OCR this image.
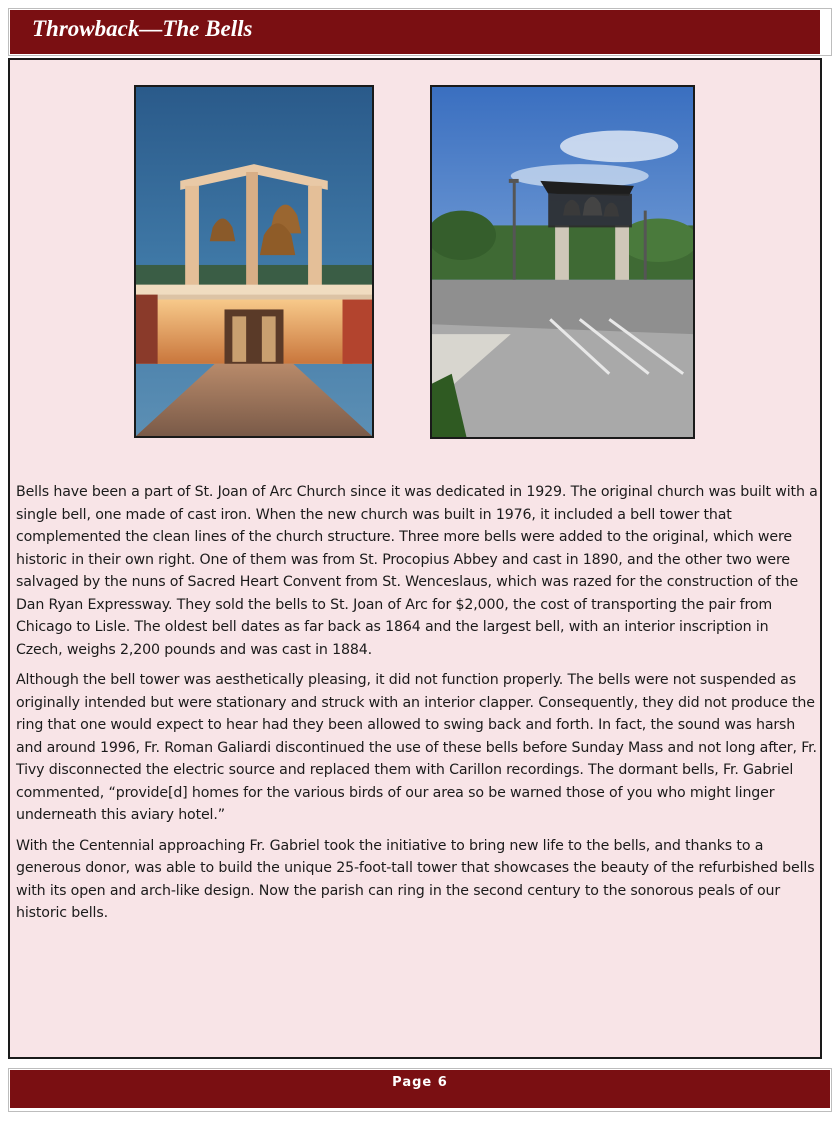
Throwback—The Bells

Bells have been a part of St. Joan of Arc Church since it was dedicated in 1929. The original church was built with a single bell, one made of cast iron. When the new church was built in 1976, it included a bell tower that complemented the clean lines of the church structure. Three more bells were added to the original, which were historic in their own right. One of them was from St. Procopius Abbey and cast in 1890, and the other two were salvaged by the nuns of Sacred Heart Convent from St. Wenceslaus, which was razed for the construction of the Dan Ryan Expressway. They sold the bells to St. Joan of Arc for $2,000, the cost of transporting the pair from Chicago to Lisle. The oldest bell dates as far back as 1864 and the largest bell, with an interior inscription in Czech, weighs 2,200 pounds and was cast in 1884.

Although the bell tower was aesthetically pleasing, it did not function properly. The bells were not suspended as originally intended but were stationary and struck with an interior clapper. Consequently, they did not produce the ring that one would expect to hear had they been allowed to swing back and forth. In fact, the sound was harsh and around 1996, Fr. Roman Galiardi discontinued the use of these bells before Sunday Mass and not long after, Fr. Tivy disconnected the electric source and replaced them with Carillon recordings. The dormant bells, Fr. Gabriel commented, “provide[d] homes for the various birds of our area so be warned those of you who might linger underneath this aviary hotel.”

With the Centennial approaching Fr. Gabriel took the initiative to bring new life to the bells, and thanks to a generous donor, was able to build the unique 25-foot-tall tower that showcases the beauty of the refurbished bells with its open and arch-like design. Now the parish can ring in the second century to the sonorous peals of our historic bells.

Page 6
